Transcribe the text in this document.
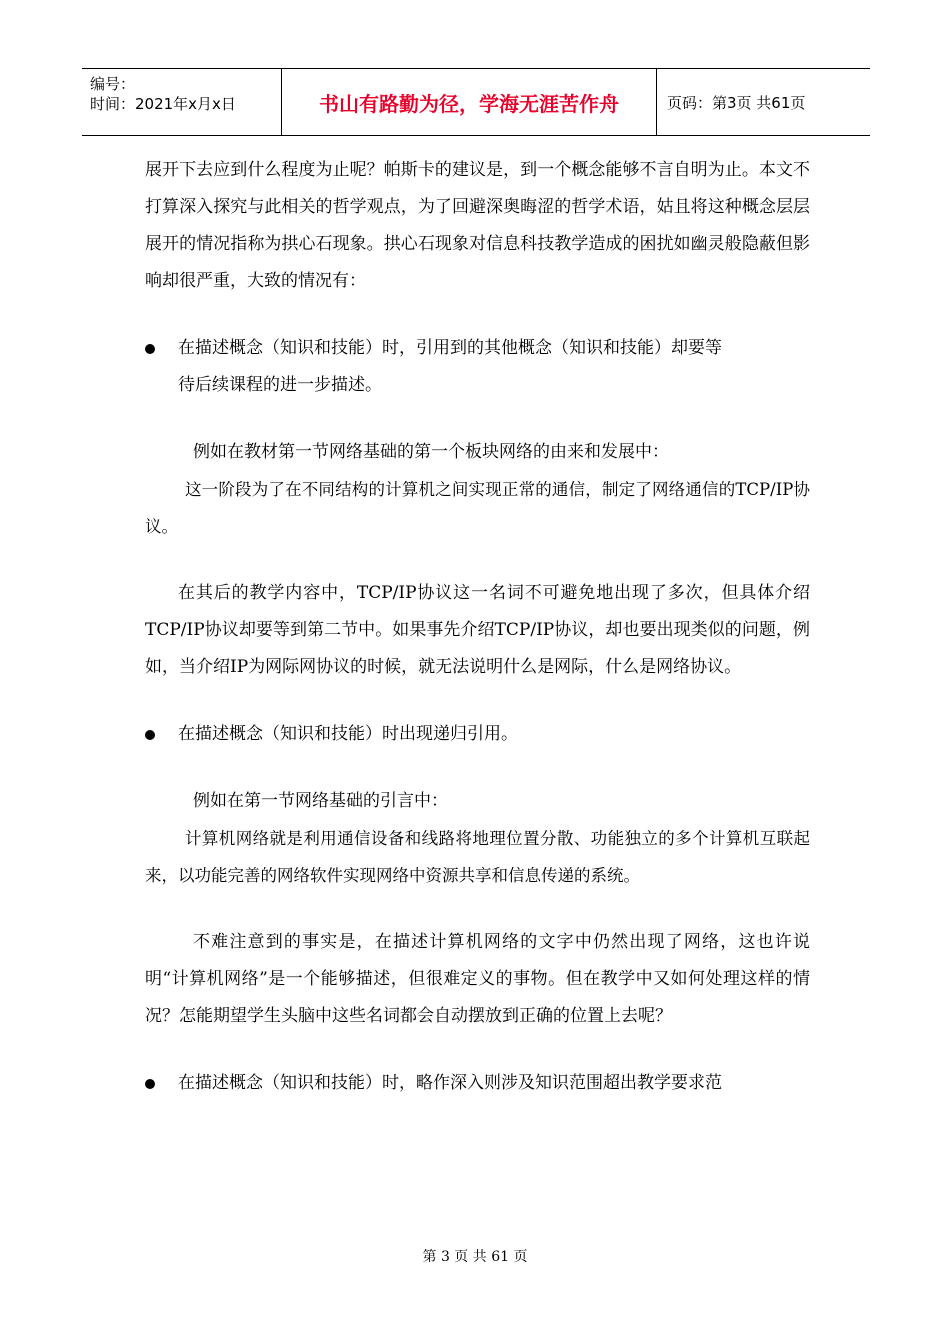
编号：
时间：2021年x月x日	书山有路勤为径，学海无涯苦作舟	页码：第3页 共61页

展开下去应到什么程度为止呢？帕斯卡的建议是，到一个概念能够不言自明为止。本文不打算深入探究与此相关的哲学观点，为了回避深奥晦涩的哲学术语，姑且将这种概念层层展开的情况指称为拱心石现象。拱心石现象对信息科技教学造成的困扰如幽灵般隐蔽但影响却很严重，大致的情况有：

在描述概念（知识和技能）时，引用到的其他概念（知识和技能）却要等

待后续课程的进一步描述。

例如在教材第一节网络基础的第一个板块网络的由来和发展中：

这一阶段为了在不同结构的计算机之间实现正常的通信，制定了网络通信的TCP/IP协议。

在其后的教学内容中，TCP/IP协议这一名词不可避免地出现了多次，但具体介绍TCP/IP协议却要等到第二节中。如果事先介绍TCP/IP协议，却也要出现类似的问题，例如，当介绍IP为网际网协议的时候，就无法说明什么是网际，什么是网络协议。

在描述概念（知识和技能）时出现递归引用。

例如在第一节网络基础的引言中：

计算机网络就是利用通信设备和线路将地理位置分散、功能独立的多个计算机互联起来，以功能完善的网络软件实现网络中资源共享和信息传递的系统。

不难注意到的事实是，在描述计算机网络的文字中仍然出现了网络，这也许说明“计算机网络”是一个能够描述，但很难定义的事物。但在教学中又如何处理这样的情况？怎能期望学生头脑中这些名词都会自动摆放到正确的位置上去呢？

在描述概念（知识和技能）时，略作深入则涉及知识范围超出教学要求范

第 3 页 共 61 页
